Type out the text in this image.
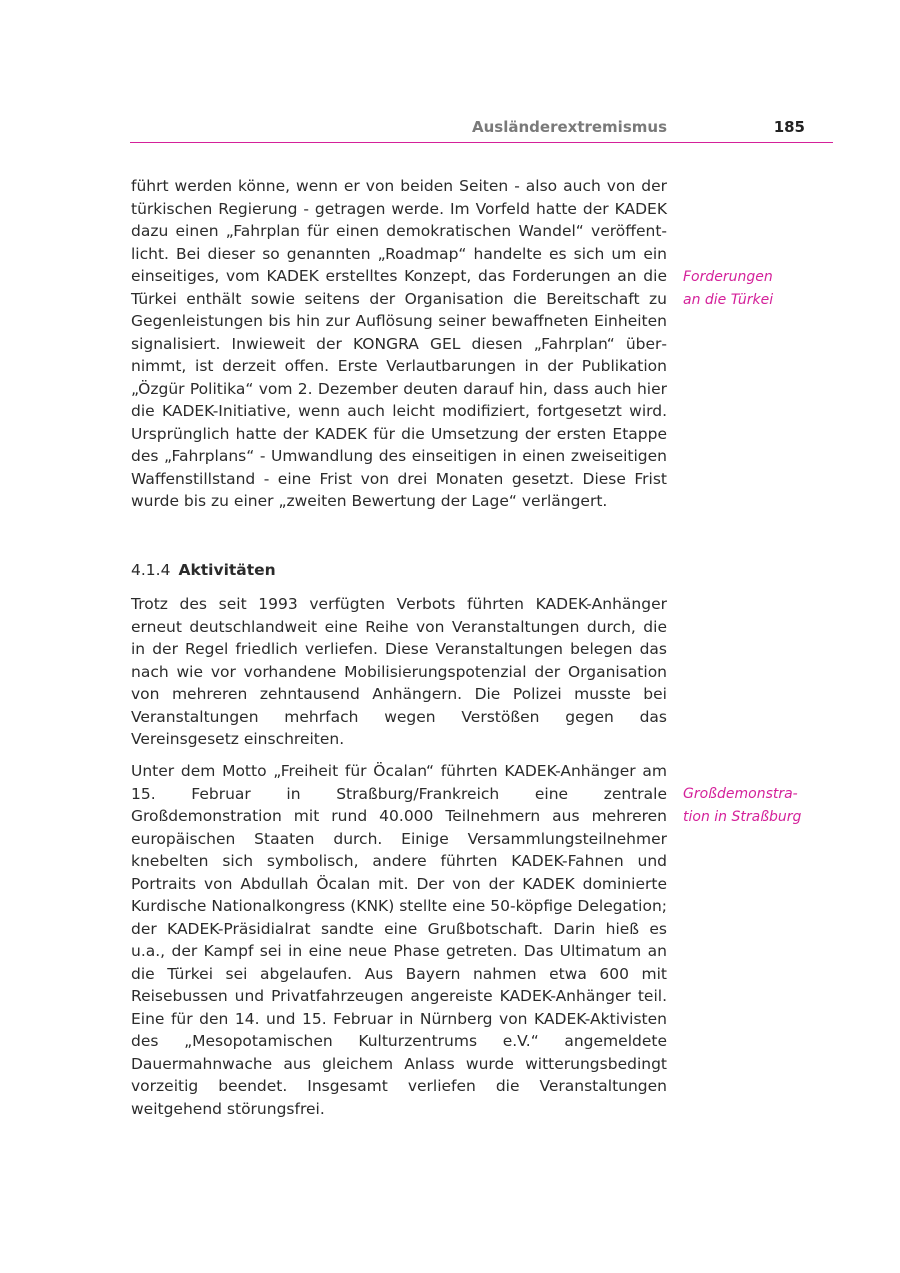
Ausländerextremismus	185

führt werden könne, wenn er von beiden Seiten - also auch von der türkischen Regierung - getragen werde. Im Vorfeld hatte der KADEK dazu einen „Fahrplan für einen demokratischen Wandel“ veröffentlicht. Bei dieser so genannten „Roadmap“ handelte es sich um ein einseitiges, vom KADEK erstelltes Konzept, das Forderungen an die Türkei enthält sowie seitens der Organisation die Bereitschaft zu Gegenleistungen bis hin zur Auflösung seiner bewaffneten Einheiten signalisiert. Inwieweit der KONGRA GEL diesen „Fahrplan“ übernimmt, ist derzeit offen. Erste Verlautbarungen in der Publikation „Özgür Politika“ vom 2. Dezember deuten darauf hin, dass auch hier die KADEK-Initiative, wenn auch leicht modifiziert, fortgesetzt wird. Ursprünglich hatte der KADEK für die Umsetzung der ersten Etappe des „Fahrplans“ - Umwandlung des einseitigen in einen zweiseitigen Waffenstillstand - eine Frist von drei Monaten gesetzt. Diese Frist wurde bis zu einer „zweiten Bewertung der Lage“ verlängert.

Forderungen
an die Türkei
4.1.4 Aktivitäten

Trotz des seit 1993 verfügten Verbots führten KADEK-Anhänger erneut deutschlandweit eine Reihe von Veranstaltungen durch, die in der Regel friedlich verliefen. Diese Veranstaltungen belegen das nach wie vor vorhandene Mobilisierungspotenzial der Organisation von mehreren zehntausend Anhängern. Die Polizei musste bei Veranstaltungen mehrfach wegen Verstößen gegen das Vereinsgesetz einschreiten.

Unter dem Motto „Freiheit für Öcalan“ führten KADEK-Anhänger am 15. Februar in Straßburg/Frankreich eine zentrale Großdemonstration mit rund 40.000 Teilnehmern aus mehreren europäischen Staaten durch. Einige Versammlungsteilnehmer knebelten sich symbolisch, andere führten KADEK-Fahnen und Portraits von Abdullah Öcalan mit. Der von der KADEK dominierte Kurdische Nationalkongress (KNK) stellte eine 50-köpfige Delegation; der KADEK-Präsidialrat sandte eine Grußbotschaft. Darin hieß es u.a., der Kampf sei in eine neue Phase getreten. Das Ultimatum an die Türkei sei abgelaufen. Aus Bayern nahmen etwa 600 mit Reisebussen und Privatfahrzeugen angereiste KADEK-Anhänger teil. Eine für den 14. und 15. Februar in Nürnberg von KADEK-Aktivisten des „Mesopotamischen Kulturzentrums e.V.“ angemeldete Dauermahnwache aus gleichem Anlass wurde witterungsbedingt vorzeitig beendet. Insgesamt verliefen die Veranstaltungen weitgehend störungsfrei.

Großdemonstra-
tion in Straßburg
